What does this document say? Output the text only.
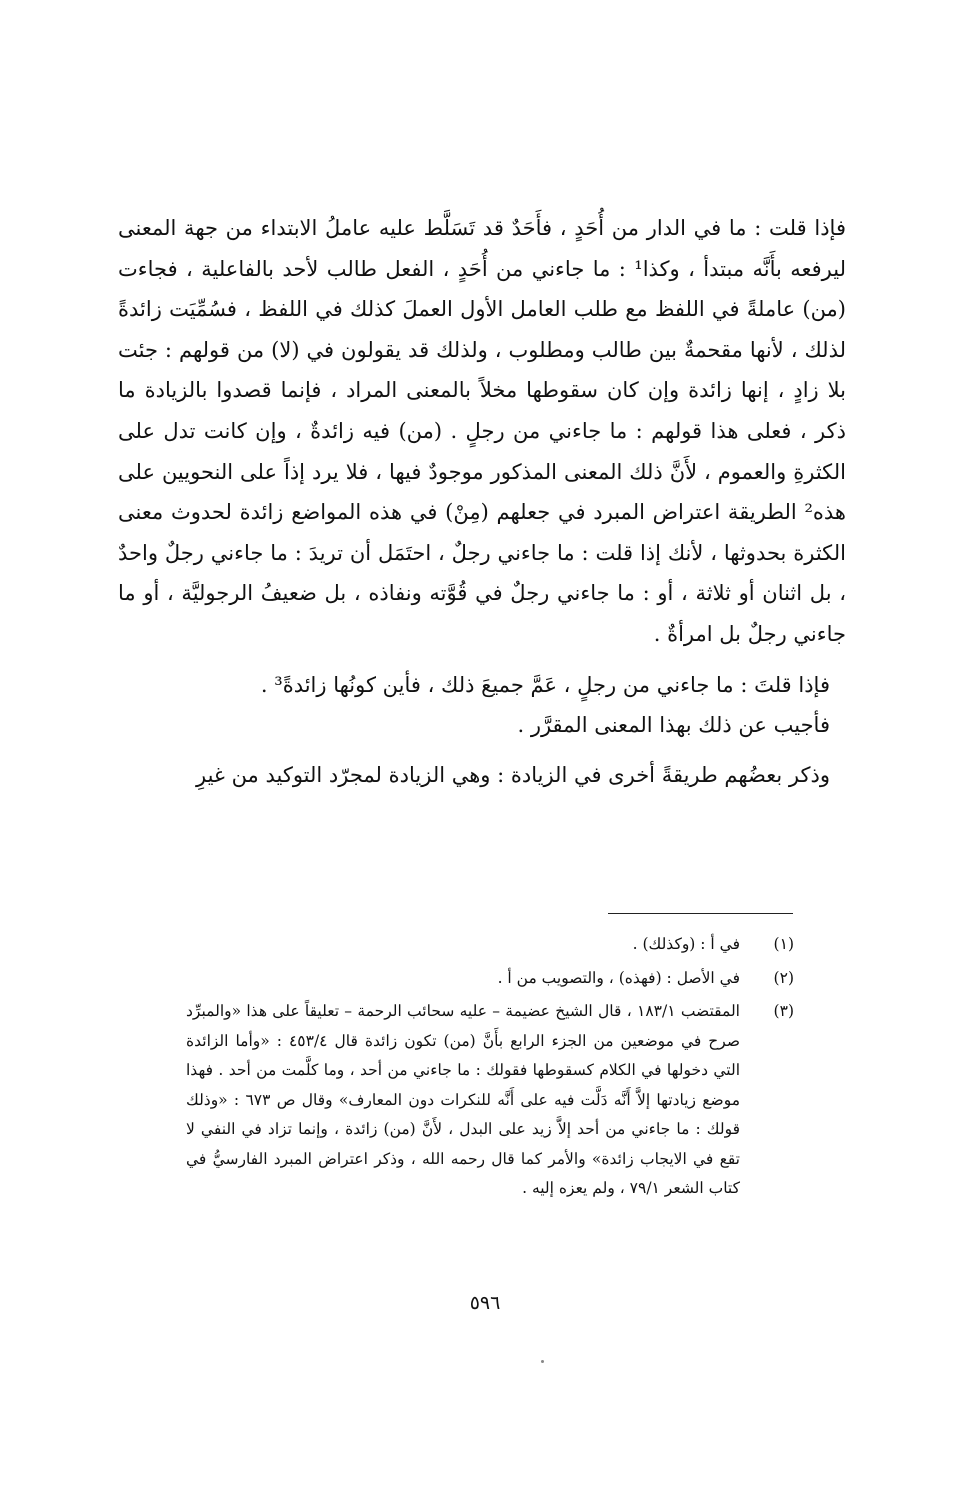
فإذا قلت : ما في الدار من أُحَدٍ ، فأَحَدٌ قد تَسَلَّط عليه عاملُ الابتداء من جهة المعنى ليرفعه بأَنَّه مبتدأ ، وكذا¹ : ما جاءني من أُحَدٍ ، الفعل طالب لأحد بالفاعلية ، فجاءت (من) عاملةً في اللفظ مع طلب العامل الأول العملَ كذلك في اللفظ ، فسُمِّيَت زائدةً لذلك ، لأنها مقحمةٌ بين طالب ومطلوب ، ولذلك قد يقولون في (لا) من قولهم : جئت بلا زادٍ ، إنها زائدة وإن كان سقوطها مخلاً بالمعنى المراد ، فإنما قصدوا بالزيادة ما ذكر ، فعلى هذا قولهم : ما جاءني من رجلٍ . (من) فيه زائدةٌ ، وإن كانت تدل على الكثرةِ والعموم ، لأَنَّ ذلك المعنى المذكور موجودٌ فيها ، فلا يرد إذاً على النحويين على هذه² الطريقة اعتراض المبرد في جعلهم (مِنْ) في هذه المواضع زائدة لحدوث معنى الكثرة بحدوثها ، لأنك إذا قلت : ما جاءني رجلٌ ، احتَمَل أن تريدَ : ما جاءني رجلٌ واحدٌ ، بل اثنان أو ثلاثة ، أو : ما جاءني رجلٌ في قُوَّته ونفاذه ، بل ضعيفُ الرجوليَّة ، أو ما جاءني رجلٌ بل امرأةٌ .

فإذا قلتَ : ما جاءني من رجلٍ ، عَمَّ جميعَ ذلك ، فأين كونُها زائدةً³ .
فأجيب عن ذلك بهذا المعنى المقرَّر .
وذكر بعضُهم طريقةً أخرى في الزيادة : وهي الزيادة لمجرّد التوكيد من غيرِ
(١)
في أ : (وكذلك) .
(٢)
في الأصل : (فهذه) ، والتصويب من أ .
(٣)
المقتضب ١٨٣/١ ، قال الشيخ عضيمة – عليه سحائب الرحمة – تعليقاً على هذا «والمبرِّد صرح في موضعين من الجزء الرابع بأَنَّ (من) تكون زائدة قال ٤٥٣/٤ : «وأما الزائدة التي دخولها في الكلام كسقوطها فقولك : ما جاءني من أحد ، وما كلَّمت من أحد . فهذا موضع زيادتها إلاَّ أَنَّه دَلَّت فيه على أَنَّه للنكرات دون المعارف» وقال ص ٦٧٣ : «وذلك قولك : ما جاءني من أحد إلاَّ زيد على البدل ، لأَنَّ (من) زائدة ، وإنما تزاد في النفي لا تقع في الايجاب زائدة» والأمر كما قال رحمه الله ، وذكر اعتراض المبرد الفارسيُّ في كتاب الشعر ٧٩/١ ، ولم يعزه إليه .
٥٩٦
